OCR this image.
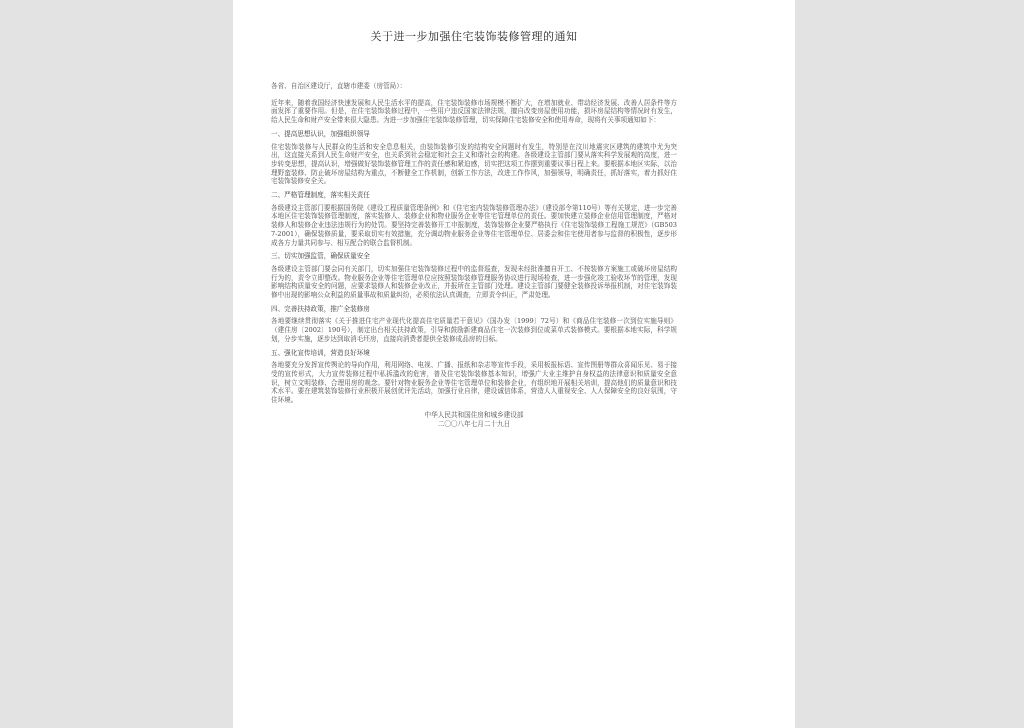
关于进一步加强住宅装饰装修管理的通知

各省、自治区建设厅，直辖市建委（房管局）：

近年来，随着我国经济快速发展和人民生活水平的提高，住宅装饰装修市场规模不断扩大，在增加就业、带动经济发展、改善人居条件等方面发挥了重要作用。但是，在住宅装饰装修过程中，一些用户违反国家法律法规，擅自改变房屋使用功能，损坏房屋结构等情况时有发生，给人民生命和财产安全带来很大隐患。为进一步加强住宅装饰装修管理，切实保障住宅装修安全和使用寿命，现将有关事项通知如下：

一、提高思想认识，加强组织领导

住宅装饰装修与人民群众的生活和安全息息相关，由装饰装修引发的结构安全问题时有发生，特别是在汶川地震灾区建筑的建筑中尤为突出，这直接关系到人民生命财产安全，也关系到社会稳定和社会主义和谐社会的构建。各级建设主管部门要从落实科学发展观的高度，进一步转变思想，提高认识，增强做好装饰装修管理工作的责任感和紧迫感，切实把这项工作摆到重要议事日程上来。要根据本地区实际，以治理野蛮装修、防止破坏房屋结构为重点，不断健全工作机制，创新工作方法，改进工作作风，加强领导，明确责任，抓好落实，着力抓好住宅装饰装修安全关。

二、严格管理制度，落实相关责任

各级建设主管部门要根据国务院《建设工程质量管理条例》和《住宅室内装饰装修管理办法》（建设部令第110号）等有关规定，进一步完善本地区住宅装饰装修管理制度，落实装修人、装修企业和物业服务企业等住宅管理单位的责任。要加快建立装修企业信用管理制度，严格对装修人和装修企业违法违规行为的处罚。要坚持完善装修开工申报制度，装饰装修企业要严格执行《住宅装饰装修工程施工规范》（GB5037-2001），确保装修质量，要采取切实有效措施，充分调动物业服务企业等住宅管理单位、居委会和住宅使用者参与监督的积极性，逐步形成各方力量共同参与、相互配合的联合监督机制。

三、切实加强监管，确保质量安全

各级建设主管部门要会同有关部门，切实加强住宅装饰装修过程中的监督巡查，发现未经批准擅自开工、不按装修方案施工或破坏房屋结构行为的，责令立即整改。物业服务企业等住宅管理单位应按照装饰装修管理服务协议进行现场检查，进一步强化竣工验收环节的管理，发现影响结构质量安全的问题，应要求装修人和装修企业改正，并报所在主管部门处理。建设主管部门要健全装修投诉举报机制，对住宅装饰装修中出现的影响公众利益的质量事故和质量纠纷，必须依法认真调查，立即责令纠正，严肃处理。

四、完善扶持政策，推广全装修房

各地要继续贯彻落实《关于推进住宅产业现代化提高住宅质量若干意见》（国办发〔1999〕72号）和《商品住宅装修一次到位实施导则》（建住房〔2002〕190号），制定出台相关扶持政策，引导和鼓励新建商品住宅一次装修到位或菜单式装修模式。要根据本地实际，科学规划，分步实施，逐步达到取消毛坯房，直接向消费者提供全装修成品房的目标。

五、强化宣传培训，营造良好环境

各地要充分发挥宣传舆论的导向作用，利用网络、电视、广播、报纸和杂志等宣传手段，采用板报标语、宣传图册等群众喜闻乐见、易于接受的宣传形式，大力宣传装修过程中私拆滥改的危害，普及住宅装饰装修基本知识，增强广大业主维护自身权益的法律意识和质量安全意识，树立文明装修、合理用房的观念。要针对物业服务企业等住宅管理单位和装修企业，有组织地开展相关培训，提高他们的质量意识和技术水平。要在建筑装饰装修行业积极开展创优评先活动，加强行业自律，建设诚信体系，营造人人重视安全、人人保障安全的良好氛围，守住环境。

中华人民共和国住房和城乡建设部
二〇〇八年七月二十九日
